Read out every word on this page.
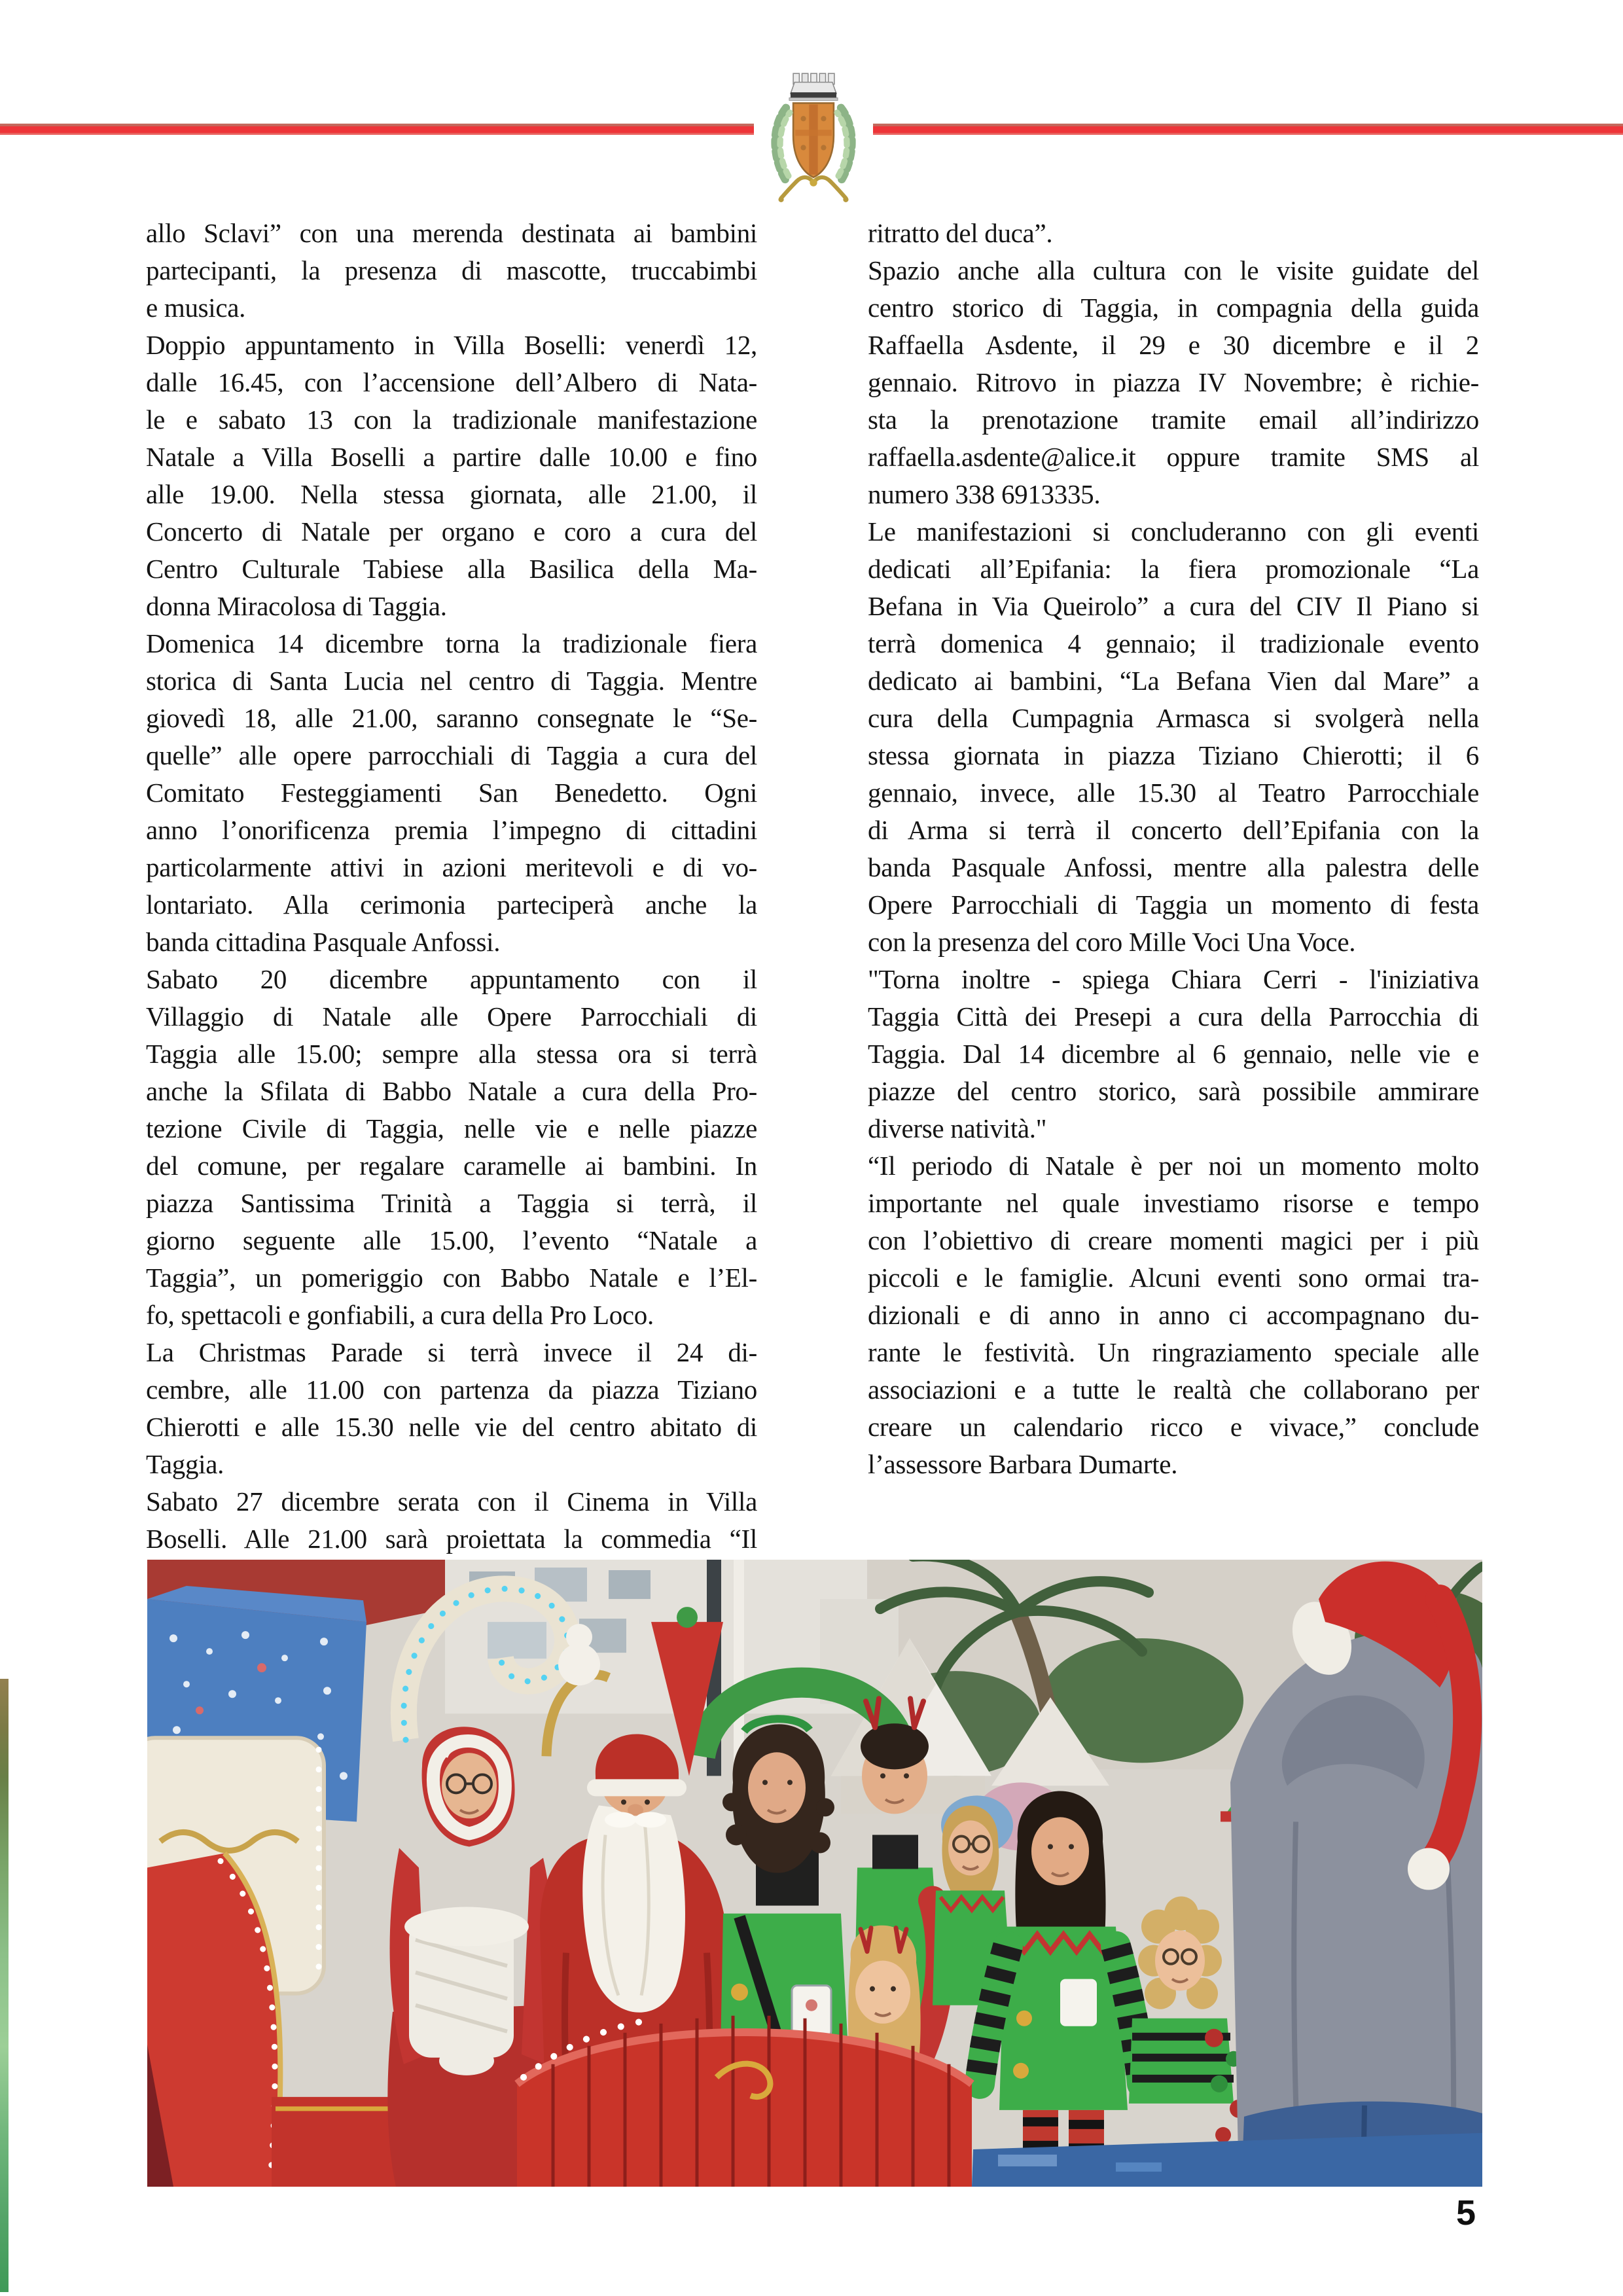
allo Sclavi” con una merenda destinata ai bambini
partecipanti, la presenza di mascotte, truccabimbi
e musica.
Doppio appuntamento in Villa Boselli: venerdì 12,
dalle 16.45, con l’accensione dell’Albero di Nata-
le e sabato 13 con la tradizionale manifestazione
Natale a Villa Boselli a partire dalle 10.00 e fino
alle 19.00. Nella stessa giornata, alle 21.00, il
Concerto di Natale per organo e coro a cura del
Centro Culturale Tabiese alla Basilica della Ma-
donna Miracolosa di Taggia.
Domenica 14 dicembre torna la tradizionale fiera
storica di Santa Lucia nel centro di Taggia. Mentre
giovedì 18, alle 21.00, saranno consegnate le “Se-
quelle” alle opere parrocchiali di Taggia a cura del
Comitato Festeggiamenti San Benedetto. Ogni
anno l’onorificenza premia l’impegno di cittadini
particolarmente attivi in azioni meritevoli e di vo-
lontariato. Alla cerimonia parteciperà anche la
banda cittadina Pasquale Anfossi.
Sabato 20 dicembre appuntamento con il
Villaggio di Natale alle Opere Parrocchiali di
Taggia alle 15.00; sempre alla stessa ora si terrà
anche la Sfilata di Babbo Natale a cura della Pro-
tezione Civile di Taggia, nelle vie e nelle piazze
del comune, per regalare caramelle ai bambini. In
piazza Santissima Trinità a Taggia si terrà, il
giorno seguente alle 15.00, l’evento “Natale a
Taggia”, un pomeriggio con Babbo Natale e l’El-
fo, spettacoli e gonfiabili, a cura della Pro Loco.
La Christmas Parade si terrà invece il 24 di-
cembre, alle 11.00 con partenza da piazza Tiziano
Chierotti e alle 15.30 nelle vie del centro abitato di
Taggia.
Sabato 27 dicembre serata con il Cinema in Villa
Boselli. Alle 21.00 sarà proiettata la commedia “Il
ritratto del duca”.
Spazio anche alla cultura con le visite guidate del
centro storico di Taggia, in compagnia della guida
Raffaella Asdente, il 29 e 30 dicembre e il 2
gennaio. Ritrovo in piazza IV Novembre; è richie-
sta la prenotazione tramite email all’indirizzo
raffaella.asdente@alice.it oppure tramite SMS al
numero 338 6913335.
Le manifestazioni si concluderanno con gli eventi
dedicati all’Epifania: la fiera promozionale “La
Befana in Via Queirolo” a cura del CIV Il Piano si
terrà domenica 4 gennaio; il tradizionale evento
dedicato ai bambini, “La Befana Vien dal Mare” a
cura della Cumpagnia Armasca si svolgerà nella
stessa giornata in piazza Tiziano Chierotti; il 6
gennaio, invece, alle 15.30 al Teatro Parrocchiale
di Arma si terrà il concerto dell’Epifania con la
banda Pasquale Anfossi, mentre alla palestra delle
Opere Parrocchiali di Taggia un momento di festa
con la presenza del coro Mille Voci Una Voce.
"Torna inoltre - spiega Chiara Cerri - l'iniziativa
Taggia Città dei Presepi a cura della Parrocchia di
Taggia. Dal 14 dicembre al 6 gennaio, nelle vie e
piazze del centro storico, sarà possibile ammirare
diverse natività."
“Il periodo di Natale è per noi un momento molto
importante nel quale investiamo risorse e tempo
con l’obiettivo di creare momenti magici per i più
piccoli e le famiglie. Alcuni eventi sono ormai tra-
dizionali e di anno in anno ci accompagnano du-
rante le festività. Un ringraziamento speciale alle
associazioni e a tutte le realtà che collaborano per
creare un calendario ricco e vivace,” conclude
l’assessore Barbara Dumarte.
5
